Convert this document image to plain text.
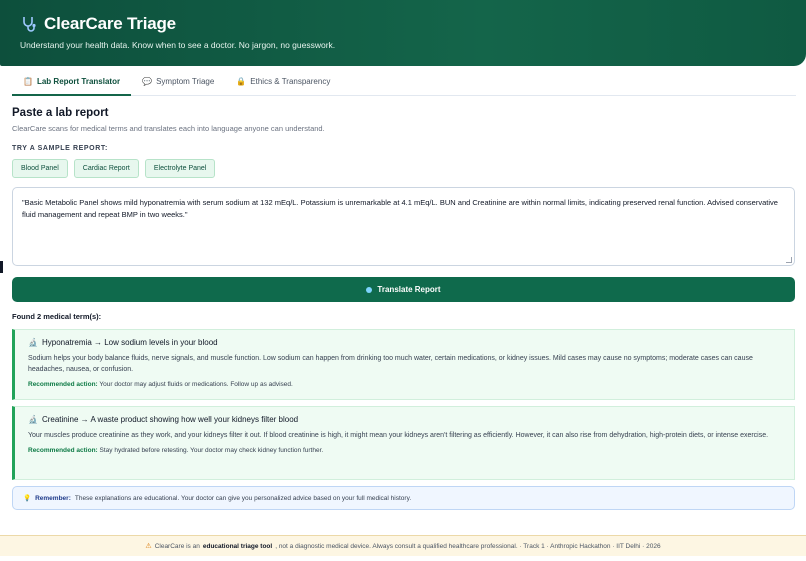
ClearCare Triage
Understand your health data. Know when to see a doctor. No jargon, no guesswork.
📋 Lab Report Translator	💬 Symptom Triage	🔒 Ethics & Transparency
Paste a lab report
ClearCare scans for medical terms and translates each into language anyone can understand.
TRY A SAMPLE REPORT:
Blood Panel	Cardiac Report	Electrolyte Panel
"Basic Metabolic Panel shows mild hyponatremia with serum sodium at 132 mEq/L. Potassium is unremarkable at 4.1 mEq/L. BUN and Creatinine are within normal limits, indicating preserved renal function. Advised conservative fluid management and repeat BMP in two weeks."
Translate Report
Found 2 medical term(s):
🔬 Hyponatremia → Low sodium levels in your blood
Sodium helps your body balance fluids, nerve signals, and muscle function. Low sodium can happen from drinking too much water, certain medications, or kidney issues. Mild cases may cause no symptoms; moderate cases can cause headaches, nausea, or confusion.
Recommended action: Your doctor may adjust fluids or medications. Follow up as advised.
🔬 Creatinine → A waste product showing how well your kidneys filter blood
Your muscles produce creatinine as they work, and your kidneys filter it out. If blood creatinine is high, it might mean your kidneys aren't filtering as efficiently. However, it can also rise from dehydration, high-protein diets, or intense exercise.
Recommended action: Stay hydrated before retesting. Your doctor may check kidney function further.
💡 Remember: These explanations are educational. Your doctor can give you personalized advice based on your full medical history.
⚠ ClearCare is an educational triage tool , not a diagnostic medical device. Always consult a qualified healthcare professional. · Track 1 · Anthropic Hackathon · IIT Delhi · 2026
